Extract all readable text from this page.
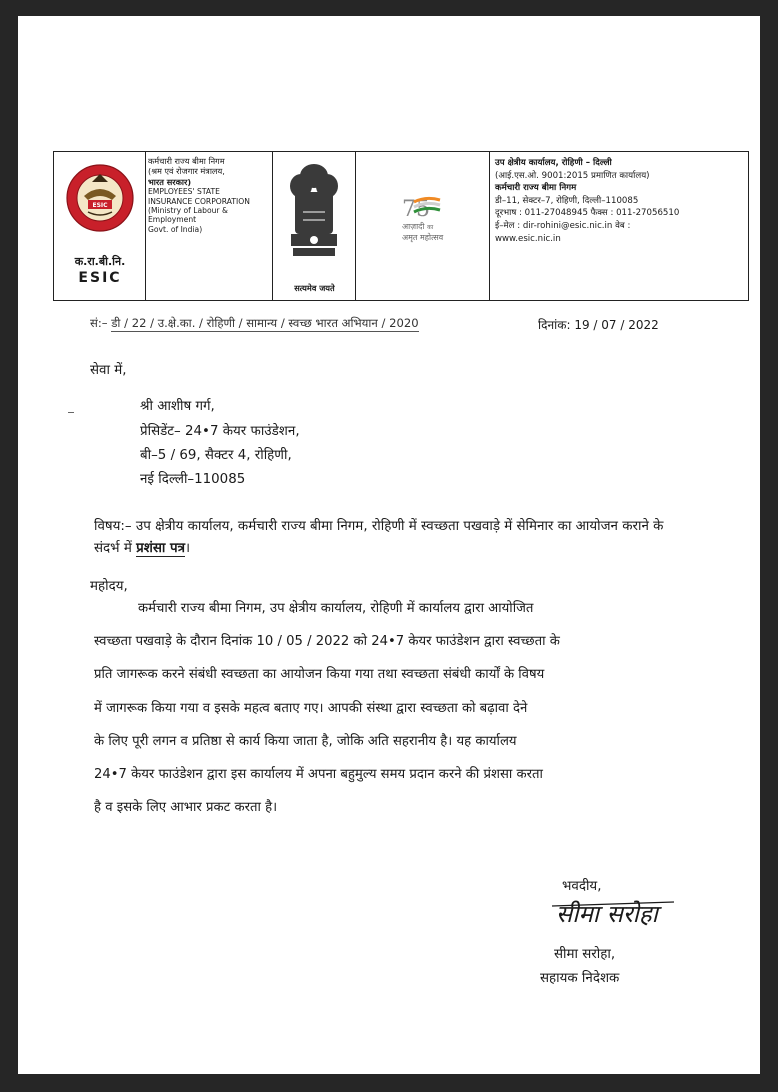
ESIC
क.रा.बी.नि.
ESIC
कर्मचारी राज्य बीमा निगम
(श्रम एवं रोजगार मंत्रालय,
भारत सरकार)
EMPLOYEES' STATE
INSURANCE CORPORATION
(Ministry of Labour &
Employment
Govt. of India)
सत्यमेव जयते
75
आज़ादी का
अमृत महोत्सव
उप क्षेत्रीय कार्यालय, रोहिणी – दिल्ली
(आई.एस.ओ. 9001:2015 प्रमाणित कार्यालय)
कर्मचारी राज्य बीमा निगम
डी–11, सेक्टर–7, रोहिणी, दिल्ली–110085
दूरभाष : 011-27048945 फैक्स : 011-27056510
ई–मेल : dir-rohini@esic.nic.in वेब :
www.esic.nic.in
सं:– डी / 22 / उ.क्षे.का. / रोहिणी / सामान्य / स्वच्छ भारत अभियान / 2020	दिनांक: 19 / 07 / 2022
सेवा में,
श्री आशीष गर्ग,
प्रेसिडेंट– 24•7 केयर फाउंडेशन,
बी–5 / 69, सैक्टर 4, रोहिणी,
नई दिल्ली–110085
विषय:– उप क्षेत्रीय कार्यालय, कर्मचारी राज्य बीमा निगम, रोहिणी में स्वच्छता पखवाड़े में सेमिनार का आयोजन कराने के संदर्भ में प्रशंसा पत्र।
महोदय,
कर्मचारी राज्य बीमा निगम, उप क्षेत्रीय कार्यालय, रोहिणी में कार्यालय द्वारा आयोजित
स्वच्छता पखवाड़े के दौरान दिनांक 10 / 05 / 2022 को 24•7 केयर फाउंडेशन द्वारा स्वच्छता के
प्रति जागरूक करने संबंधी स्वच्छता का आयोजन किया गया तथा स्वच्छता संबंधी कार्यों के विषय
में जागरूक किया गया व इसके महत्व बताए गए। आपकी संस्था द्वारा स्वच्छता को बढ़ावा देने
के लिए पूरी लगन व प्रतिष्ठा से कार्य किया जाता है, जोकि अति सहरानीय है। यह कार्यालय
24•7 केयर फाउंडेशन द्वारा इस कार्यालय में अपना बहुमुल्य समय प्रदान करने की प्रंशसा करता
है व इसके लिए आभार प्रकट करता है।
भवदीय,
सीमा सरोहा
सीमा सरोहा,
सहायक निदेशक
